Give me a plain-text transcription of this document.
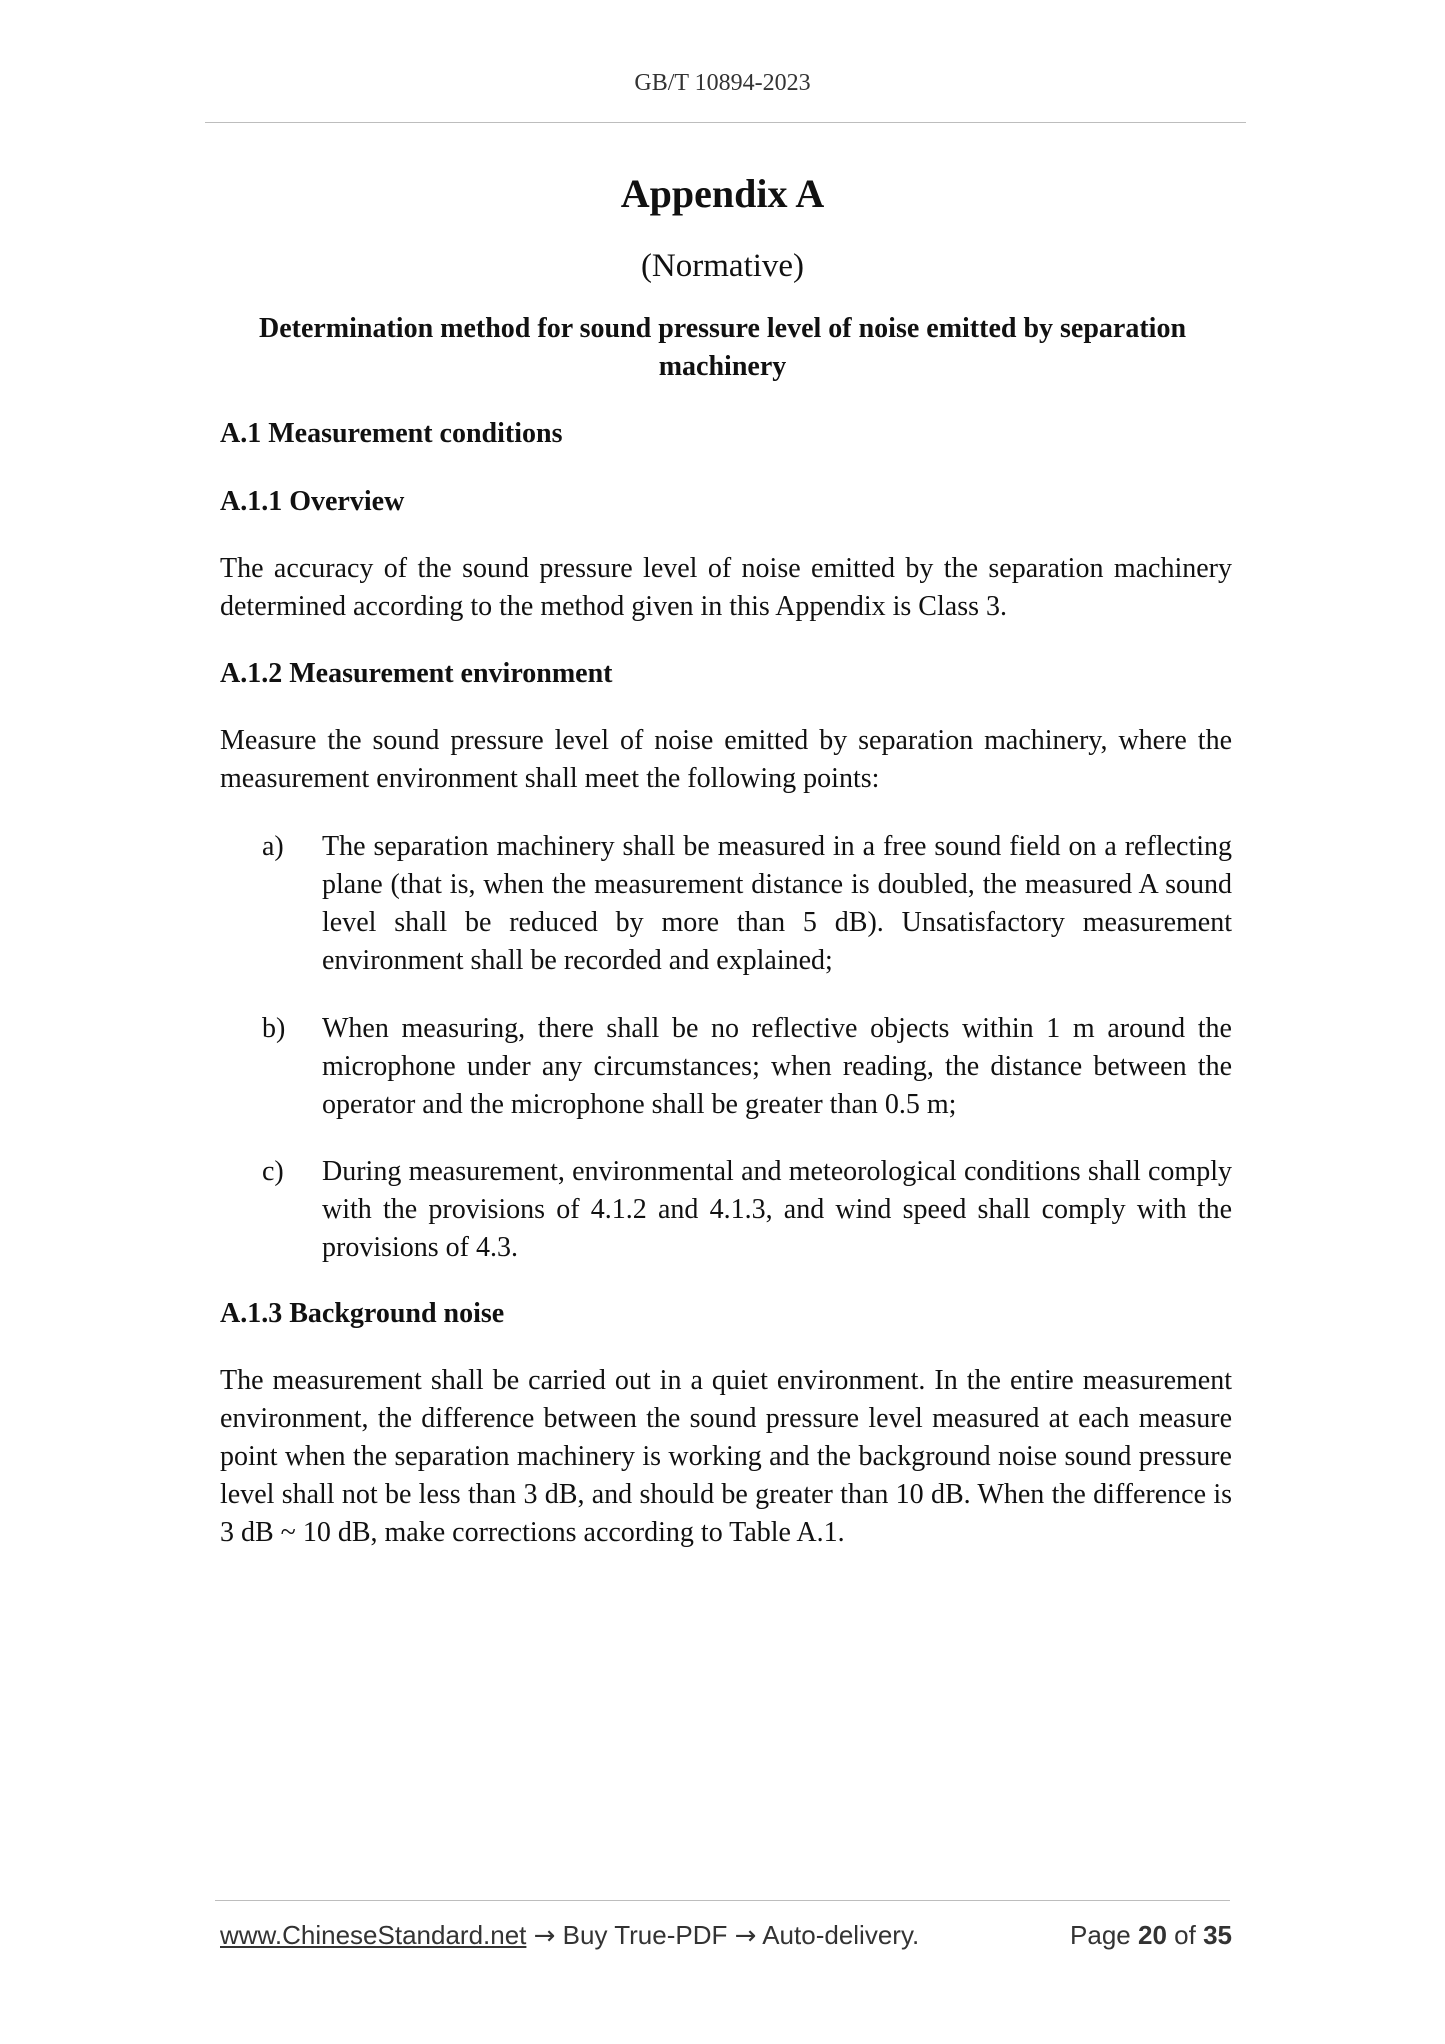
GB/T 10894-2023
Appendix A
(Normative)
Determination method for sound pressure level of noise emitted by separation machinery
A.1 Measurement conditions
A.1.1 Overview
The accuracy of the sound pressure level of noise emitted by the separation machinery determined according to the method given in this Appendix is Class 3.
A.1.2 Measurement environment
Measure the sound pressure level of noise emitted by separation machinery, where the measurement environment shall meet the following points:
a)	The separation machinery shall be measured in a free sound field on a reflecting plane (that is, when the measurement distance is doubled, the measured A sound level shall be reduced by more than 5 dB). Unsatisfactory measurement environment shall be recorded and explained;
b)	When measuring, there shall be no reflective objects within 1 m around the microphone under any circumstances; when reading, the distance between the operator and the microphone shall be greater than 0.5 m;
c)	During measurement, environmental and meteorological conditions shall comply with the provisions of 4.1.2 and 4.1.3, and wind speed shall comply with the provisions of 4.3.
A.1.3 Background noise
The measurement shall be carried out in a quiet environment. In the entire measurement environment, the difference between the sound pressure level measured at each measure point when the separation machinery is working and the background noise sound pressure level shall not be less than 3 dB, and should be greater than 10 dB. When the difference is 3 dB ~ 10 dB, make corrections according to Table A.1.
www.ChineseStandard.net → Buy True-PDF → Auto-delivery.	Page 20 of 35
